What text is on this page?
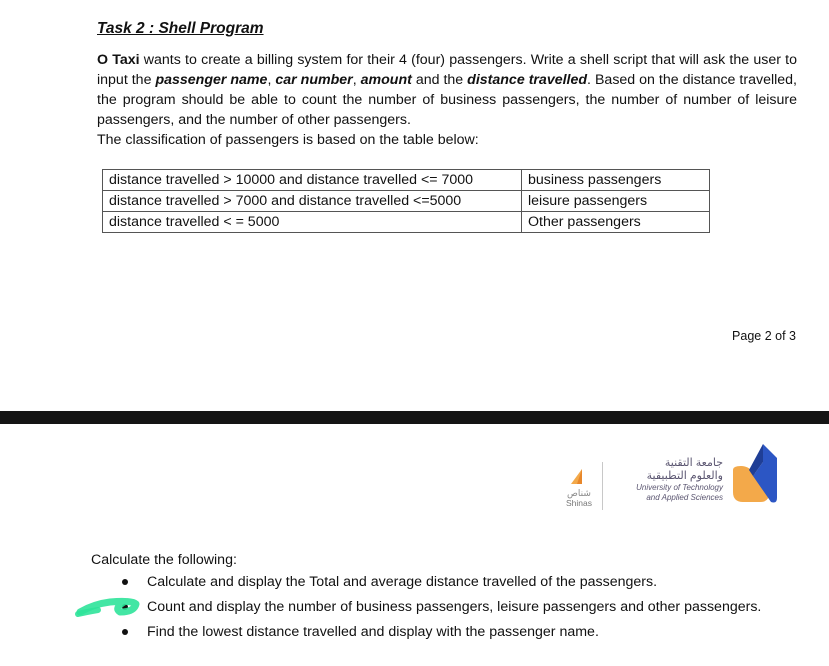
Task 2 : Shell Program

O Taxi wants to create a billing system for their 4 (four) passengers. Write a shell script that will ask the user to input the passenger name, car number, amount and the distance travelled. Based on the distance travelled, the program should be able to count the number of business passengers, the number of number of leisure passengers, and the number of other passengers.

The classification of passengers is based on the table below:
distance travelled > 10000 and distance travelled <= 7000	business passengers
distance travelled > 7000 and distance travelled <=5000	leisure passengers
distance travelled < = 5000	Other passengers
Page 2 of 3
شناص
Shinas
جامعة التقنية
والعلوم التطبيقية
University of Technology
and Applied Sciences
Calculate the following:
Calculate and display the Total and average distance travelled of the passengers.
Count and display the number of business passengers, leisure passengers and other passengers.
Find the lowest distance travelled and display with the passenger name.
